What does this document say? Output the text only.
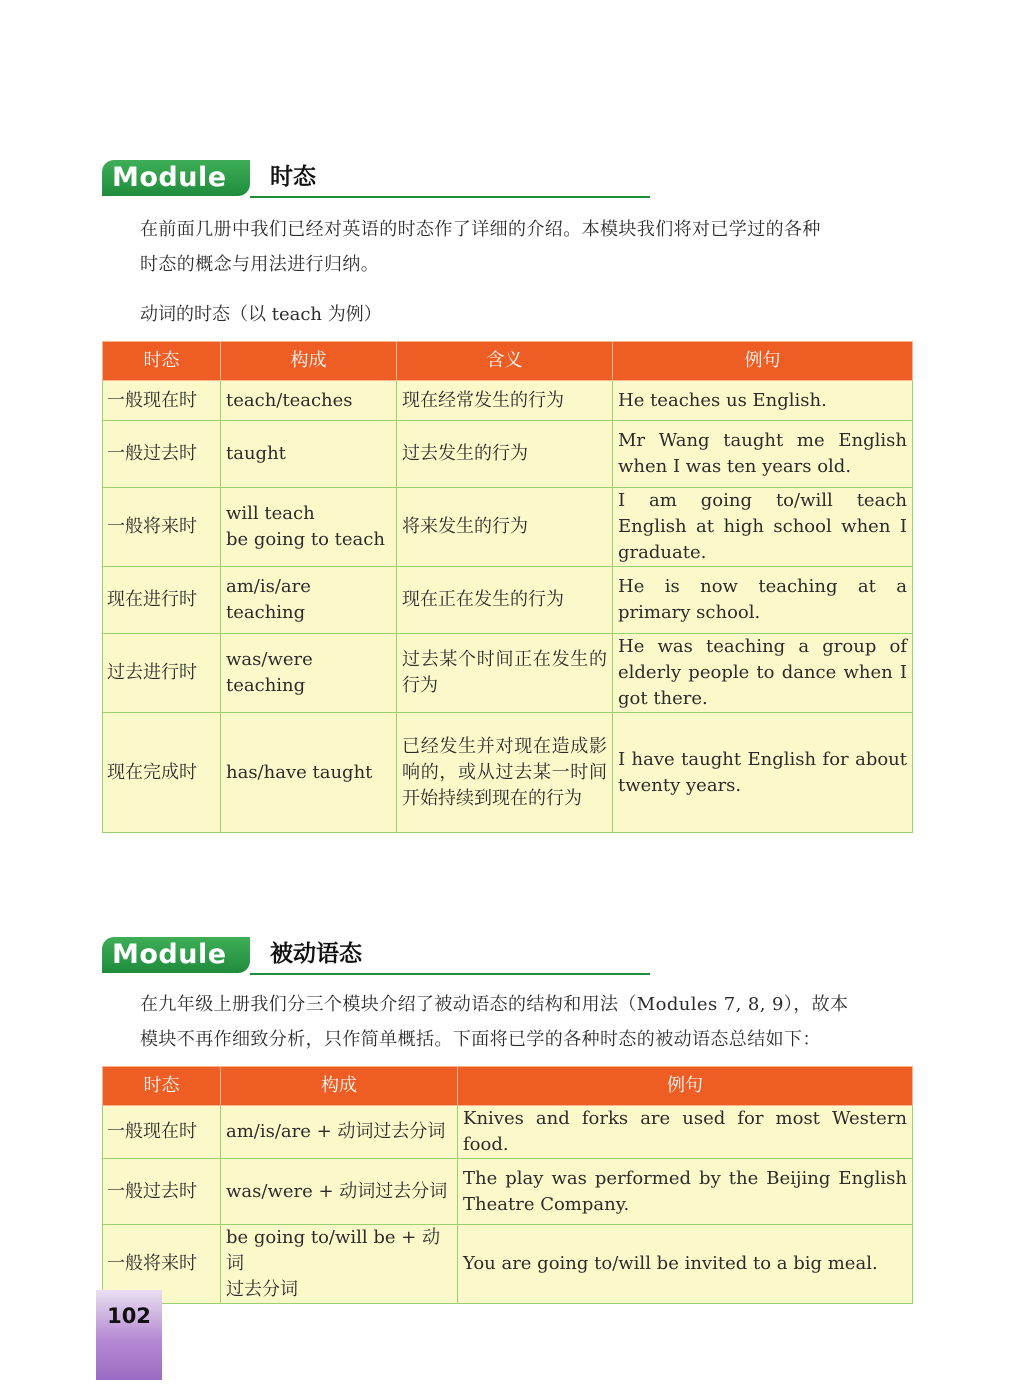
Module 5
时态

在前面几册中我们已经对英语的时态作了详细的介绍。本模块我们将对已学过的各种
时态的概念与用法进行归纳。

动词的时态（以 teach 为例）
时态	构成	含义	例句
一般现在时	teach/teaches	现在经常发生的行为	He teaches us English.
一般过去时	taught	过去发生的行为	Mr Wang taught me English when I was ten years old.
一般将来时	will teach
be going to teach	将来发生的行为	I am going to/will teach English at high school when I graduate.
现在进行时	am/is/are teaching	现在正在发生的行为	He is now teaching at a primary school.
过去进行时	was/were teaching	过去某个时间正在发生的行为	He was teaching a group of elderly people to dance when I got there.
现在完成时	has/have taught	已经发生并对现在造成影响的，或从过去某一时间开始持续到现在的行为	I have taught English for about twenty years.
Module 6
被动语态

在九年级上册我们分三个模块介绍了被动语态的结构和用法（Modules 7, 8, 9），故本
模块不再作细致分析，只作简单概括。下面将已学的各种时态的被动语态总结如下：

时态	构成	例句
一般现在时	am/is/are + 动词过去分词	Knives and forks are used for most Western food.
一般过去时	was/were + 动词过去分词	The play was performed by the Beijing English Theatre Company.
一般将来时	be going to/will be + 动词
过去分词	You are going to/will be invited to a big meal.
102
